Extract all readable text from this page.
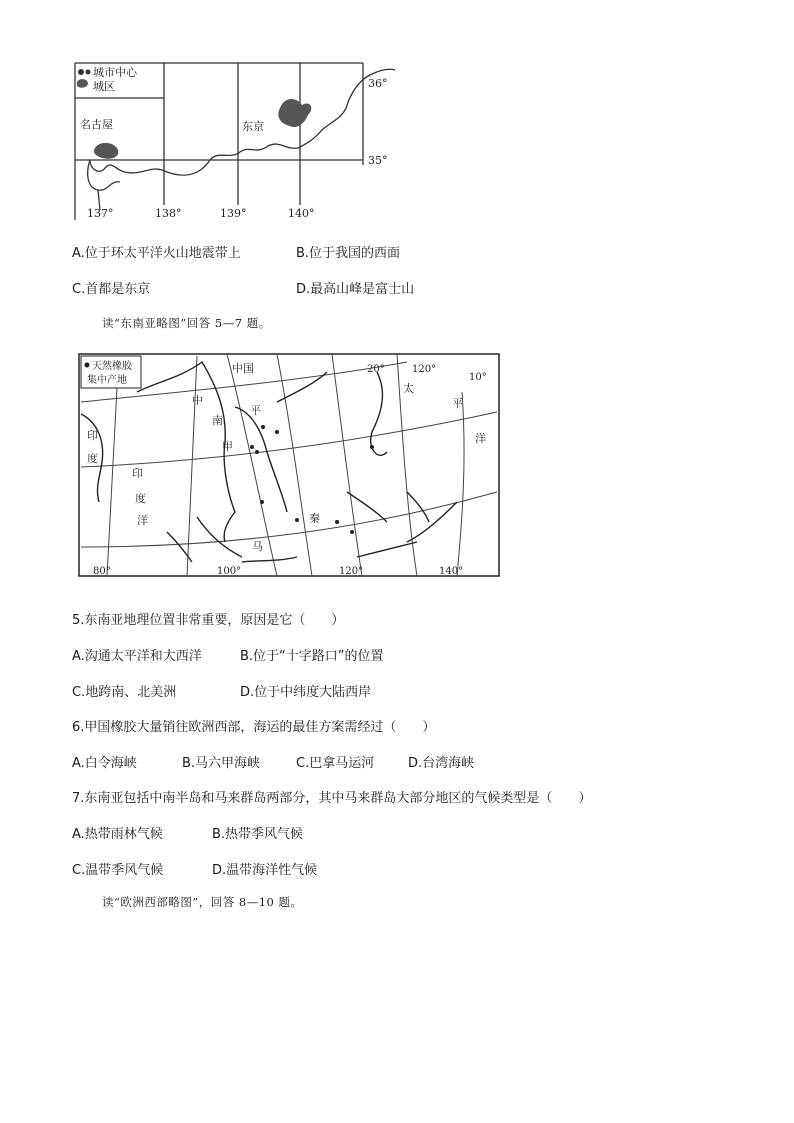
城市中心
城区
名古屋	东京
36°
35°
137°	138°	139°	140°
A.位于环太平洋火山地震带上	B.位于我国的西面
C.首都是东京	D.最高山峰是富士山
读“东南亚略图”回答 5—7 题。
天然橡胶
集中产地
中国	20°	120°
10°
中
太
平
洋
南
平
甲
印
度
印
度
洋	秦
马
80°	100°	120°	140°
5.东南亚地理位置非常重要，原因是它（　　）
A.沟通太平洋和大西洋	B.位于“十字路口”的位置
C.地跨南、北美洲	D.位于中纬度大陆西岸
6.甲国橡胶大量销往欧洲西部，海运的最佳方案需经过（　　）
A.白令海峡	B.马六甲海峡	C.巴拿马运河	D.台湾海峡
7.东南亚包括中南半岛和马来群岛两部分，其中马来群岛大部分地区的气候类型是（　　）
A.热带雨林气候	B.热带季风气候
C.温带季风气候	D.温带海洋性气候
读“欧洲西部略图”，回答 8—10 题。
